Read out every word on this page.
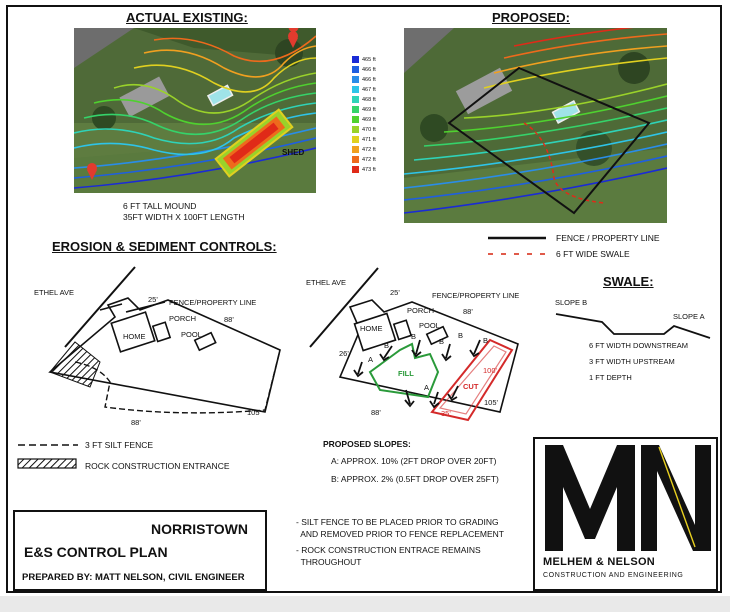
ACTUAL EXISTING:	PROPOSED:
EROSION & SEDIMENT CONTROLS:
SWALE:
SHED
6 FT TALL MOUND
35FT WIDTH X 100FT LENGTH
465 ft
466 ft
466 ft
467 ft
468 ft
469 ft
469 ft
470 ft
471 ft
472 ft
472 ft
473 ft
FENCE / PROPERTY LINE
6 FT WIDE SWALE
ETHEL AVE
25' FENCE/PROPERTY LINE
PORCH
HOME	POOL
88'
88'
105'
3 FT SILT FENCE
ROCK CONSTRUCTION ENTRANCE
ETHEL AVE
25'	FENCE/PROPERTY LINE
PORCH
HOME	POOL
88'
26'
88'
105'
FILL
CUT
100'
35'
A
A
B
B
B
B
B
SLOPE B
SLOPE A
6 FT WIDTH DOWNSTREAM
3 FT WIDTH UPSTREAM
1 FT DEPTH
PROPOSED SLOPES:
A: APPROX. 10% (2FT DROP OVER 20FT)
B: APPROX. 2% (0.5FT DROP OVER 25FT)
NORRISTOWN
E&S CONTROL PLAN
PREPARED BY: MATT NELSON, CIVIL ENGINEER
- SILT FENCE TO BE PLACED PRIOR TO GRADING
AND REMOVED PRIOR TO FENCE REPLACEMENT
- ROCK CONSTRUCTION ENTRACE REMAINS
THROUGHOUT	MELHEM & NELSON
CONSTRUCTION AND ENGINEERING
